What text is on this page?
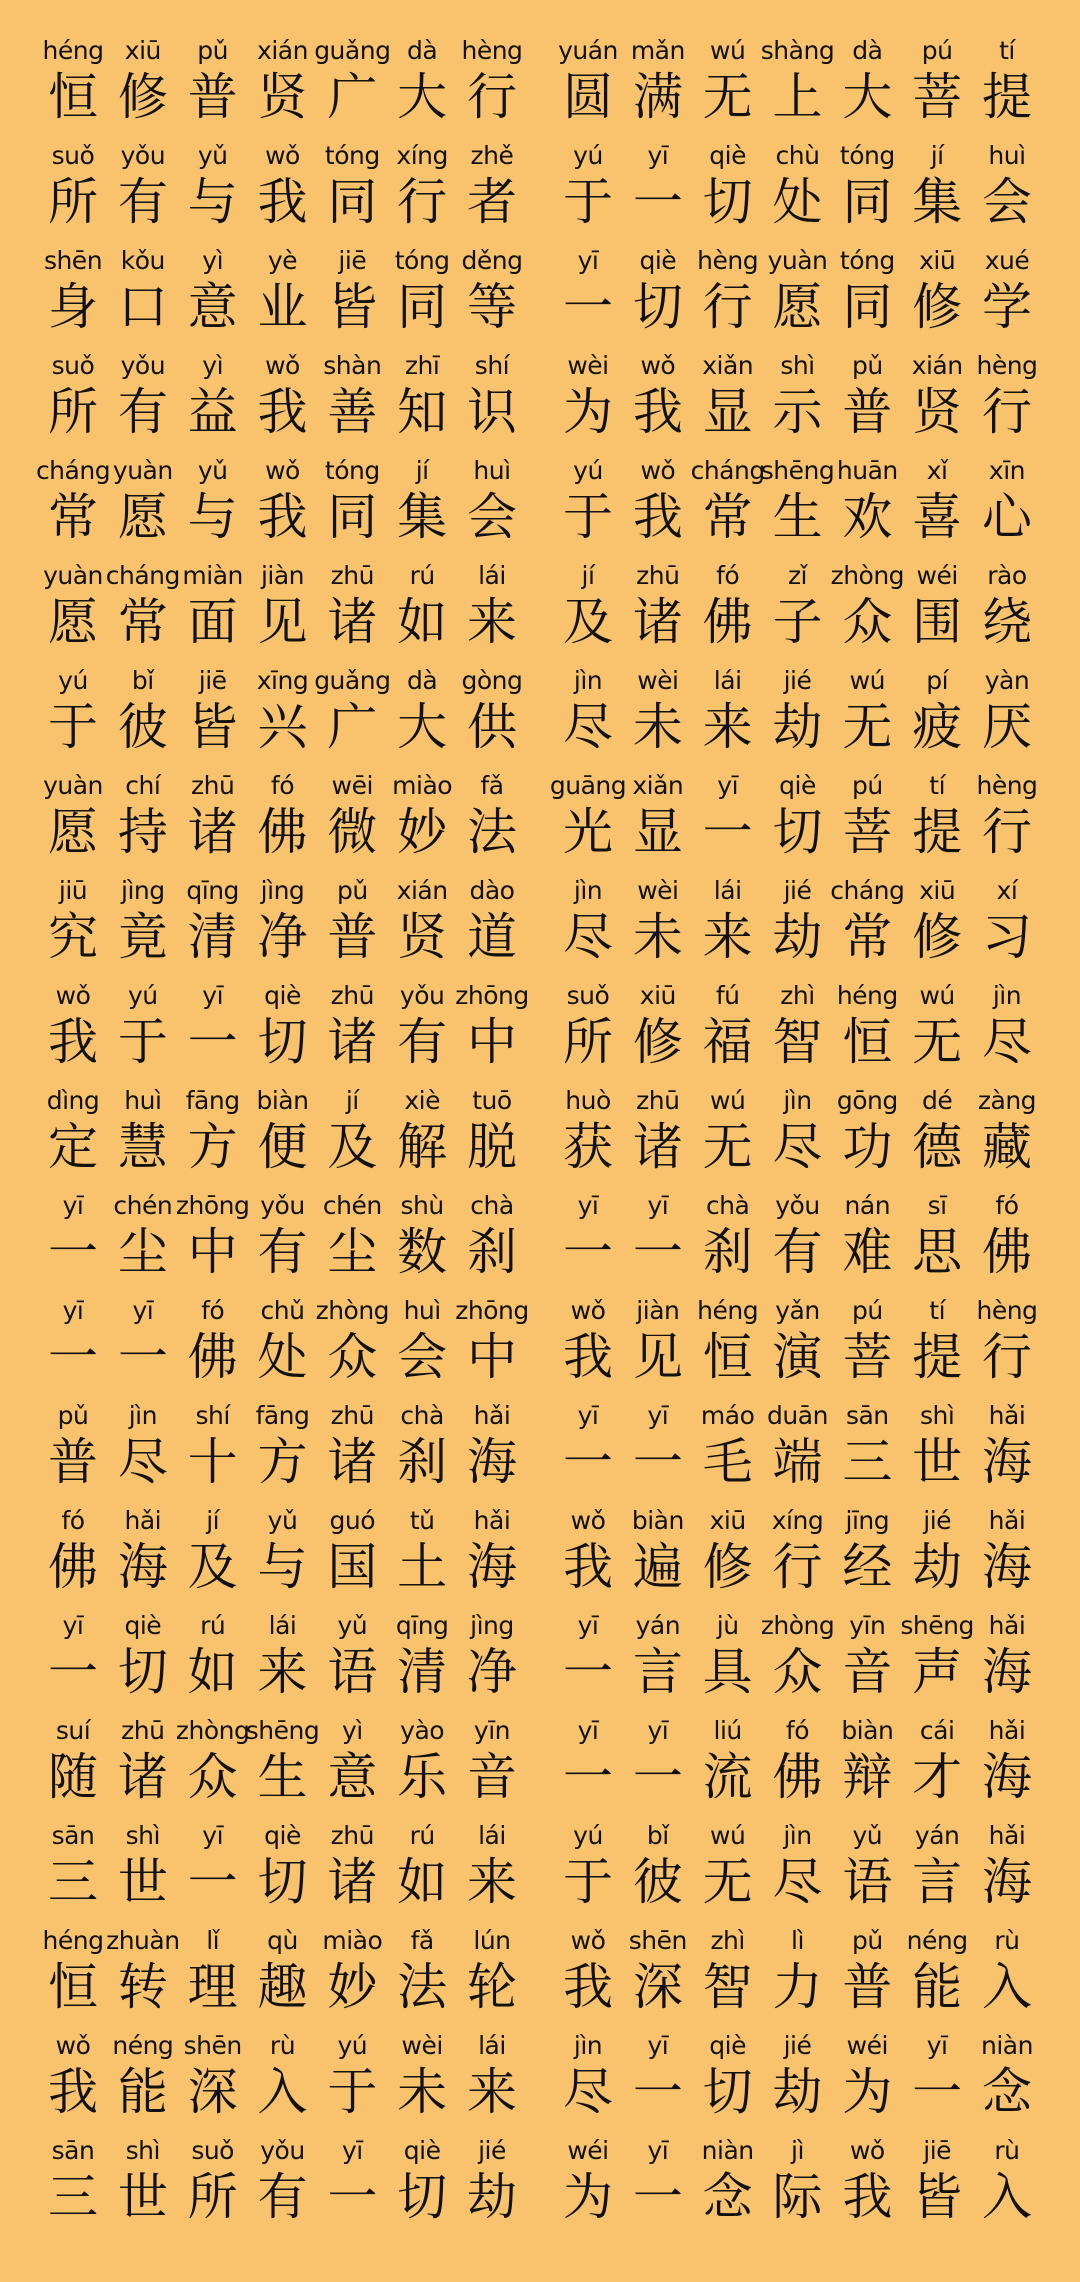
héng
恒
xiū
修
pǔ
普
xián
贤
guǎng
广
dà
大
hèng
行
suǒ
所
yǒu
有
yǔ
与
wǒ
我
tóng
同
xíng
行
zhě
者
shēn
身
kǒu
口
yì
意
yè
业
jiē
皆
tóng
同
děng
等
suǒ
所
yǒu
有
yì
益
wǒ
我
shàn
善
zhī
知
shí
识
cháng
常
yuàn
愿
yǔ
与
wǒ
我
tóng
同
jí
集
huì
会
yuàn
愿
cháng
常
miàn
面
jiàn
见
zhū
诸
rú
如
lái
来
yú
于
bǐ
彼
jiē
皆
xīng
兴
guǎng
广
dà
大
gòng
供
yuàn
愿
chí
持
zhū
诸
fó
佛
wēi
微
miào
妙
fǎ
法
jiū
究
jìng
竟
qīng
清
jìng
净
pǔ
普
xián
贤
dào
道
wǒ
我
yú
于
yī
一
qiè
切
zhū
诸
yǒu
有
zhōng
中
dìng
定
huì
慧
fāng
方
biàn
便
jí
及
xiè
解
tuō
脱
yī
一
chén
尘
zhōng
中
yǒu
有
chén
尘
shù
数
chà
刹
yī
一
yī
一
fó
佛
chǔ
处
zhòng
众
huì
会
zhōng
中
pǔ
普
jìn
尽
shí
十
fāng
方
zhū
诸
chà
刹
hǎi
海
fó
佛
hǎi
海
jí
及
yǔ
与
guó
国
tǔ
土
hǎi
海
yī
一
qiè
切
rú
如
lái
来
yǔ
语
qīng
清
jìng
净
suí
随
zhū
诸
zhòng
众
shēng
生
yì
意
yào
乐
yīn
音
sān
三
shì
世
yī
一
qiè
切
zhū
诸
rú
如
lái
来
héng
恒
zhuàn
转
lǐ
理
qù
趣
miào
妙
fǎ
法
lún
轮
wǒ
我
néng
能
shēn
深
rù
入
yú
于
wèi
未
lái
来
sān
三
shì
世
suǒ
所
yǒu
有
yī
一
qiè
切
jié
劫
yuán
圆
mǎn
满
wú
无
shàng
上
dà
大
pú
菩
tí
提
yú
于
yī
一
qiè
切
chù
处
tóng
同
jí
集
huì
会
yī
一
qiè
切
hèng
行
yuàn
愿
tóng
同
xiū
修
xué
学
wèi
为
wǒ
我
xiǎn
显
shì
示
pǔ
普
xián
贤
hèng
行
yú
于
wǒ
我
cháng
常
shēng
生
huān
欢
xǐ
喜
xīn
心
jí
及
zhū
诸
fó
佛
zǐ
子
zhòng
众
wéi
围
rào
绕
jìn
尽
wèi
未
lái
来
jié
劫
wú
无
pí
疲
yàn
厌
guāng
光
xiǎn
显
yī
一
qiè
切
pú
菩
tí
提
hèng
行
jìn
尽
wèi
未
lái
来
jié
劫
cháng
常
xiū
修
xí
习
suǒ
所
xiū
修
fú
福
zhì
智
héng
恒
wú
无
jìn
尽
huò
获
zhū
诸
wú
无
jìn
尽
gōng
功
dé
德
zàng
藏
yī
一
yī
一
chà
刹
yǒu
有
nán
难
sī
思
fó
佛
wǒ
我
jiàn
见
héng
恒
yǎn
演
pú
菩
tí
提
hèng
行
yī
一
yī
一
máo
毛
duān
端
sān
三
shì
世
hǎi
海
wǒ
我
biàn
遍
xiū
修
xíng
行
jīng
经
jié
劫
hǎi
海
yī
一
yán
言
jù
具
zhòng
众
yīn
音
shēng
声
hǎi
海
yī
一
yī
一
liú
流
fó
佛
biàn
辩
cái
才
hǎi
海
yú
于
bǐ
彼
wú
无
jìn
尽
yǔ
语
yán
言
hǎi
海
wǒ
我
shēn
深
zhì
智
lì
力
pǔ
普
néng
能
rù
入
jìn
尽
yī
一
qiè
切
jié
劫
wéi
为
yī
一
niàn
念
wéi
为
yī
一
niàn
念
jì
际
wǒ
我
jiē
皆
rù
入
